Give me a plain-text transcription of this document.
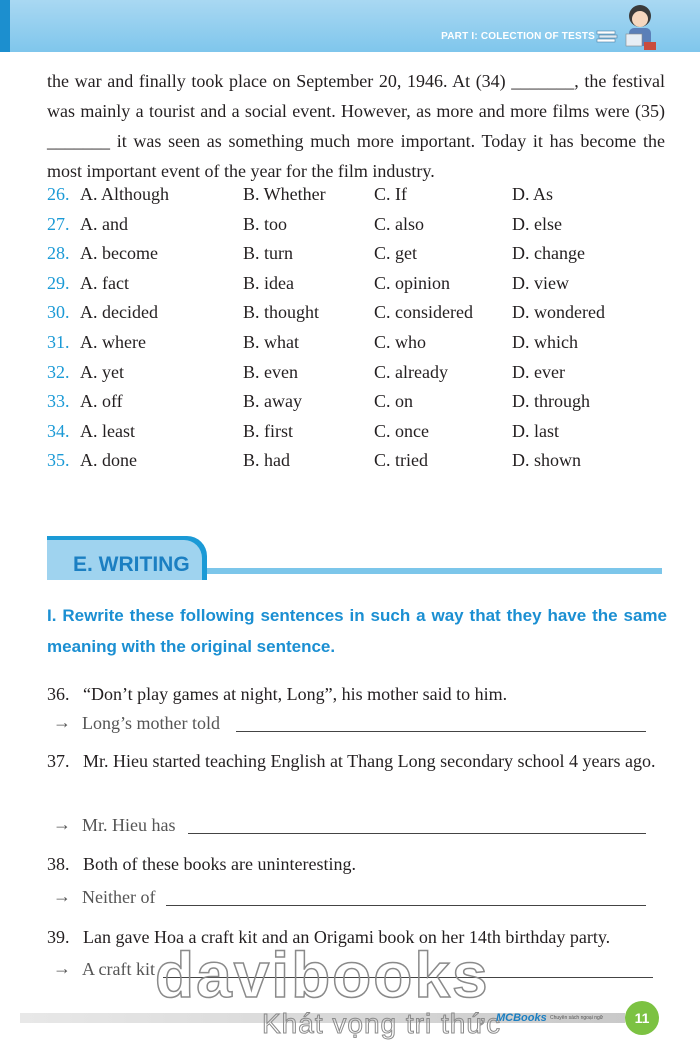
PART I: COLECTION OF TESTS

the war and finally took place on September 20, 1946. At (34) _______, the festival was mainly a tourist and a social event. However, as more and more films were (35) _______ it was seen as something much more important. Today it has become the most important event of the year for the film industry.

26. A. Although	B. Whether	C. If	D. As
27. A. and	B. too	C. also	D. else
28. A. become	B. turn	C. get	D. change
29. A. fact	B. idea	C. opinion	D. view
30. A. decided	B. thought	C. considered D. wondered
31. A. where	B. what	C. who	D. which
32. A. yet	B. even	C. already	D. ever
33. A. off	B. away	C. on	D. through
34. A. least	B. first	C. once	D. last
35. A. done	B. had	C. tried	D. shown
E. WRITING
I. Rewrite these following sentences in such a way that they have the same meaning with the original sentence.
36. “Don’t play games at night, Long”, his mother said to him.
→ Long’s mother told
37. Mr. Hieu started teaching English at Thang Long secondary school 4 years ago.
→ Mr. Hieu has
38. Both of these books are uninteresting.
→ Neither of
39. Lan gave Hoa a craft kit and an Origami book on her 14th birthday party.
→ A craft kit davibooks
Khát vọng tri thức
MCBooks Chuyên sách ngoại ngữ	11
